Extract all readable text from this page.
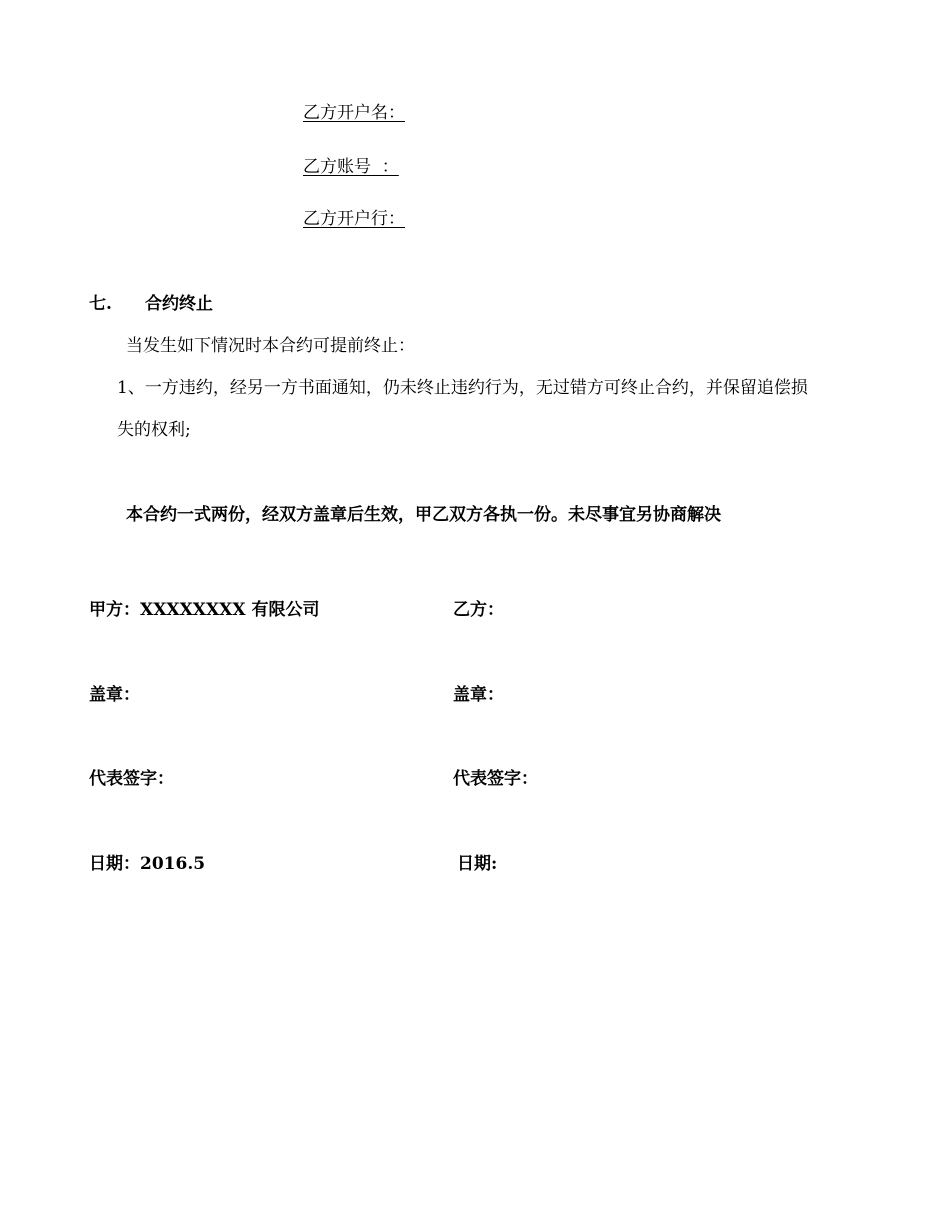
乙方开户名：
乙方账号  ：
乙方开户行：
七. 合约终止
当发生如下情况时本合约可提前终止：
1、一方违约，经另一方书面通知，仍未终止违约行为，无过错方可终止合约，并保留追偿损
失的权利;
本合约一式两份，经双方盖章后生效，甲乙双方各执一份。未尽事宜另协商解决
甲方：XXXXXXXX 有限公司
盖章：
代表签字：
日期：2016.5
乙方：
盖章：
代表签字：
日期:
